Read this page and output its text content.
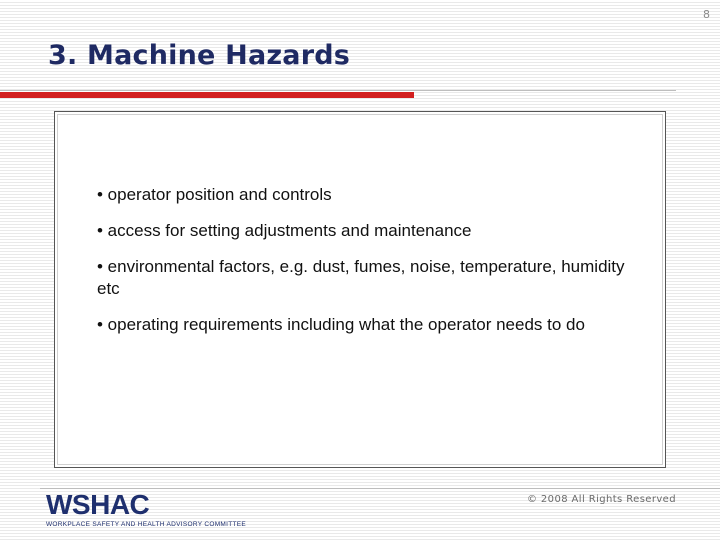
8
3. Machine Hazards
• operator position and controls
• access for setting adjustments and maintenance
• environmental factors, e.g. dust, fumes, noise, temperature, humidity etc
• operating requirements including what the operator needs to do
WSHAC
WORKPLACE SAFETY AND HEALTH ADVISORY COMMITTEE
© 2008 All Rights Reserved
